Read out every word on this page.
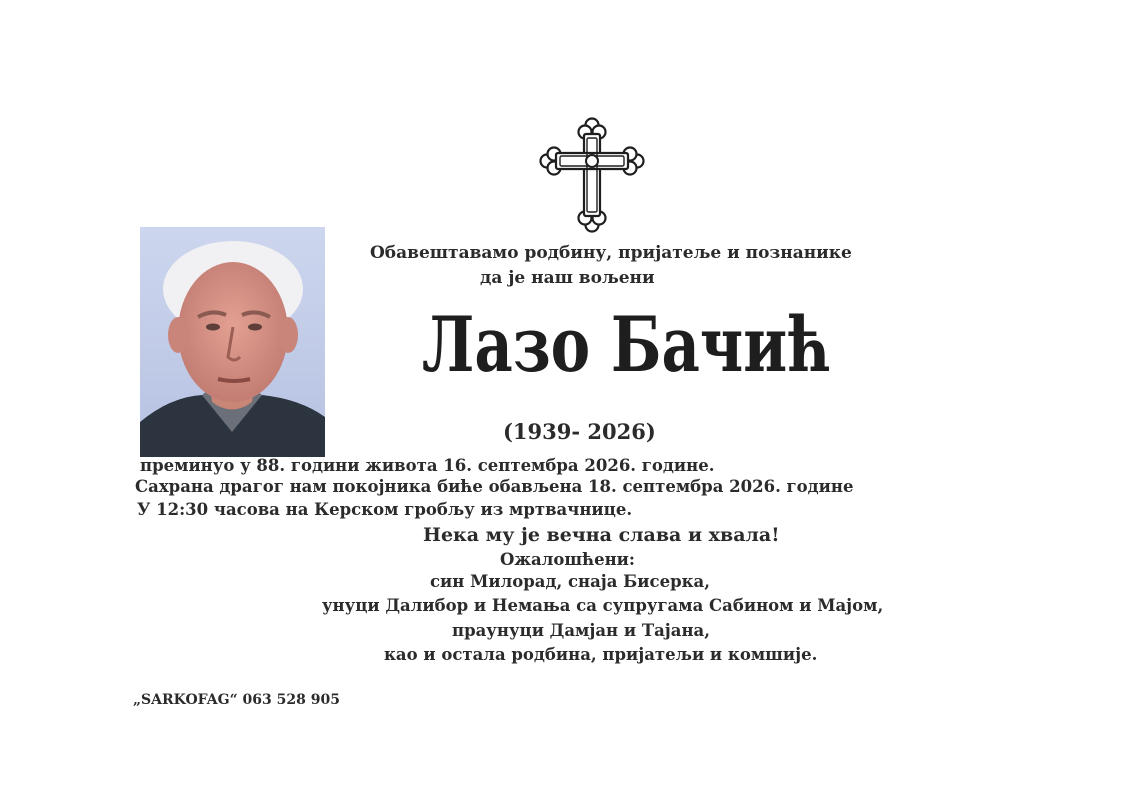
Обавештавамо родбину, пријатеље и познанике
да је наш вољени
Лазо Бачић
(1939- 2026)
преминуо у 88. години живота 16. септембра 2026. године.
Сахрана драгог нам покојника биће обављена 18. септембра 2026. године
У 12:30 часова на Керском гробљу из мртвачнице.
Нека му је вечна слава и хвала!
Ожалошћени:
син Милорад, снаја Бисерка,
унуци Далибор и Немања са супругама Сабином и Мајом,
праунуци Дамјан и Тајана,
као и остала родбина, пријатељи и комшије.
„SARKOFAG“ 063 528 905
